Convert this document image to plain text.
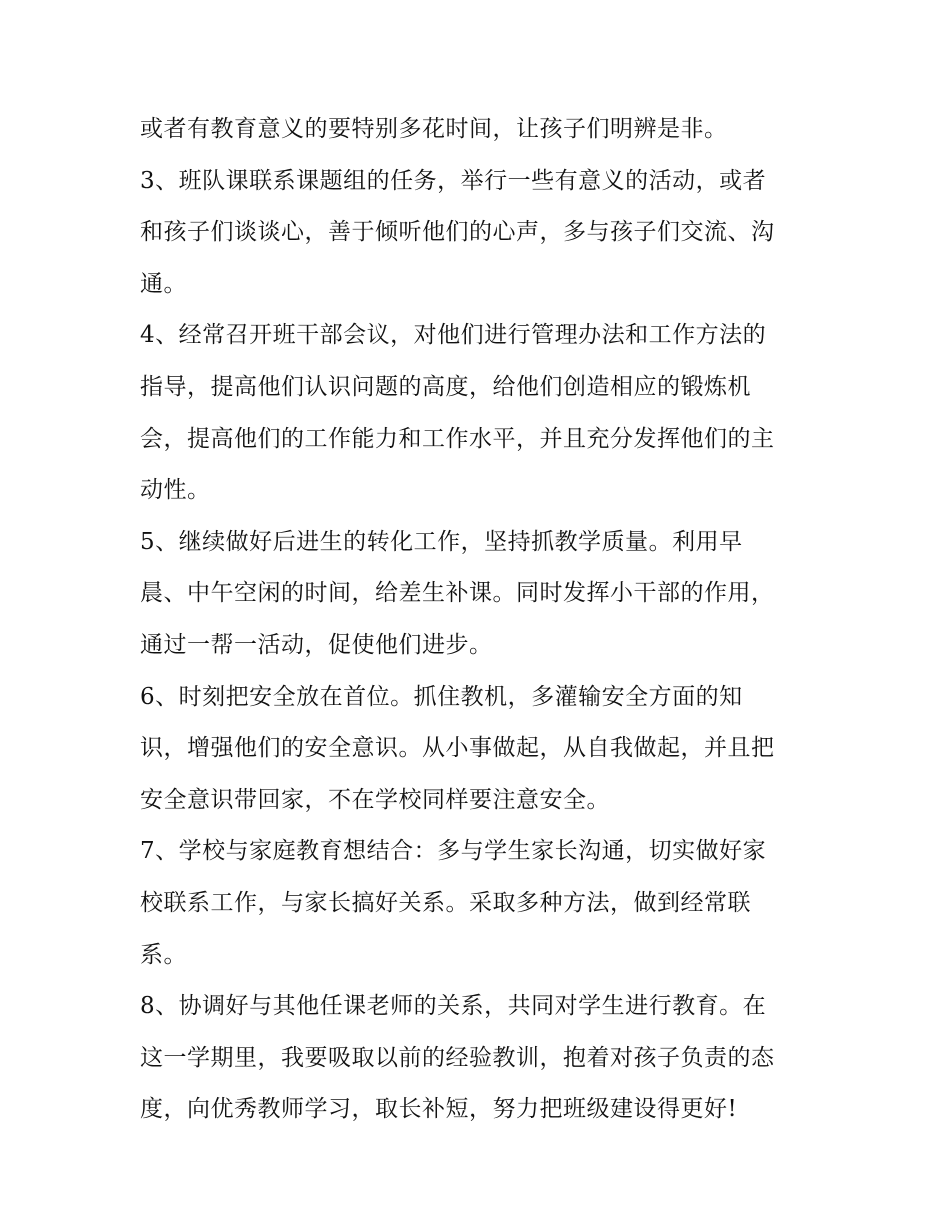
或者有教育意义的要特别多花时间，让孩子们明辨是非。
3、班队课联系课题组的任务，举行一些有意义的活动，或者
和孩子们谈谈心，善于倾听他们的心声，多与孩子们交流、沟
通。
4、经常召开班干部会议，对他们进行管理办法和工作方法的
指导，提高他们认识问题的高度，给他们创造相应的锻炼机
会，提高他们的工作能力和工作水平，并且充分发挥他们的主
动性。
5、继续做好后进生的转化工作，坚持抓教学质量。利用早
晨、中午空闲的时间，给差生补课。同时发挥小干部的作用，
通过一帮一活动，促使他们进步。
6、时刻把安全放在首位。抓住教机，多灌输安全方面的知
识，增强他们的安全意识。从小事做起，从自我做起，并且把
安全意识带回家，不在学校同样要注意安全。
7、学校与家庭教育想结合：多与学生家长沟通，切实做好家
校联系工作，与家长搞好关系。采取多种方法，做到经常联
系。
8、协调好与其他任课老师的关系，共同对学生进行教育。在
这一学期里，我要吸取以前的经验教训，抱着对孩子负责的态
度，向优秀教师学习，取长补短，努力把班级建设得更好!
